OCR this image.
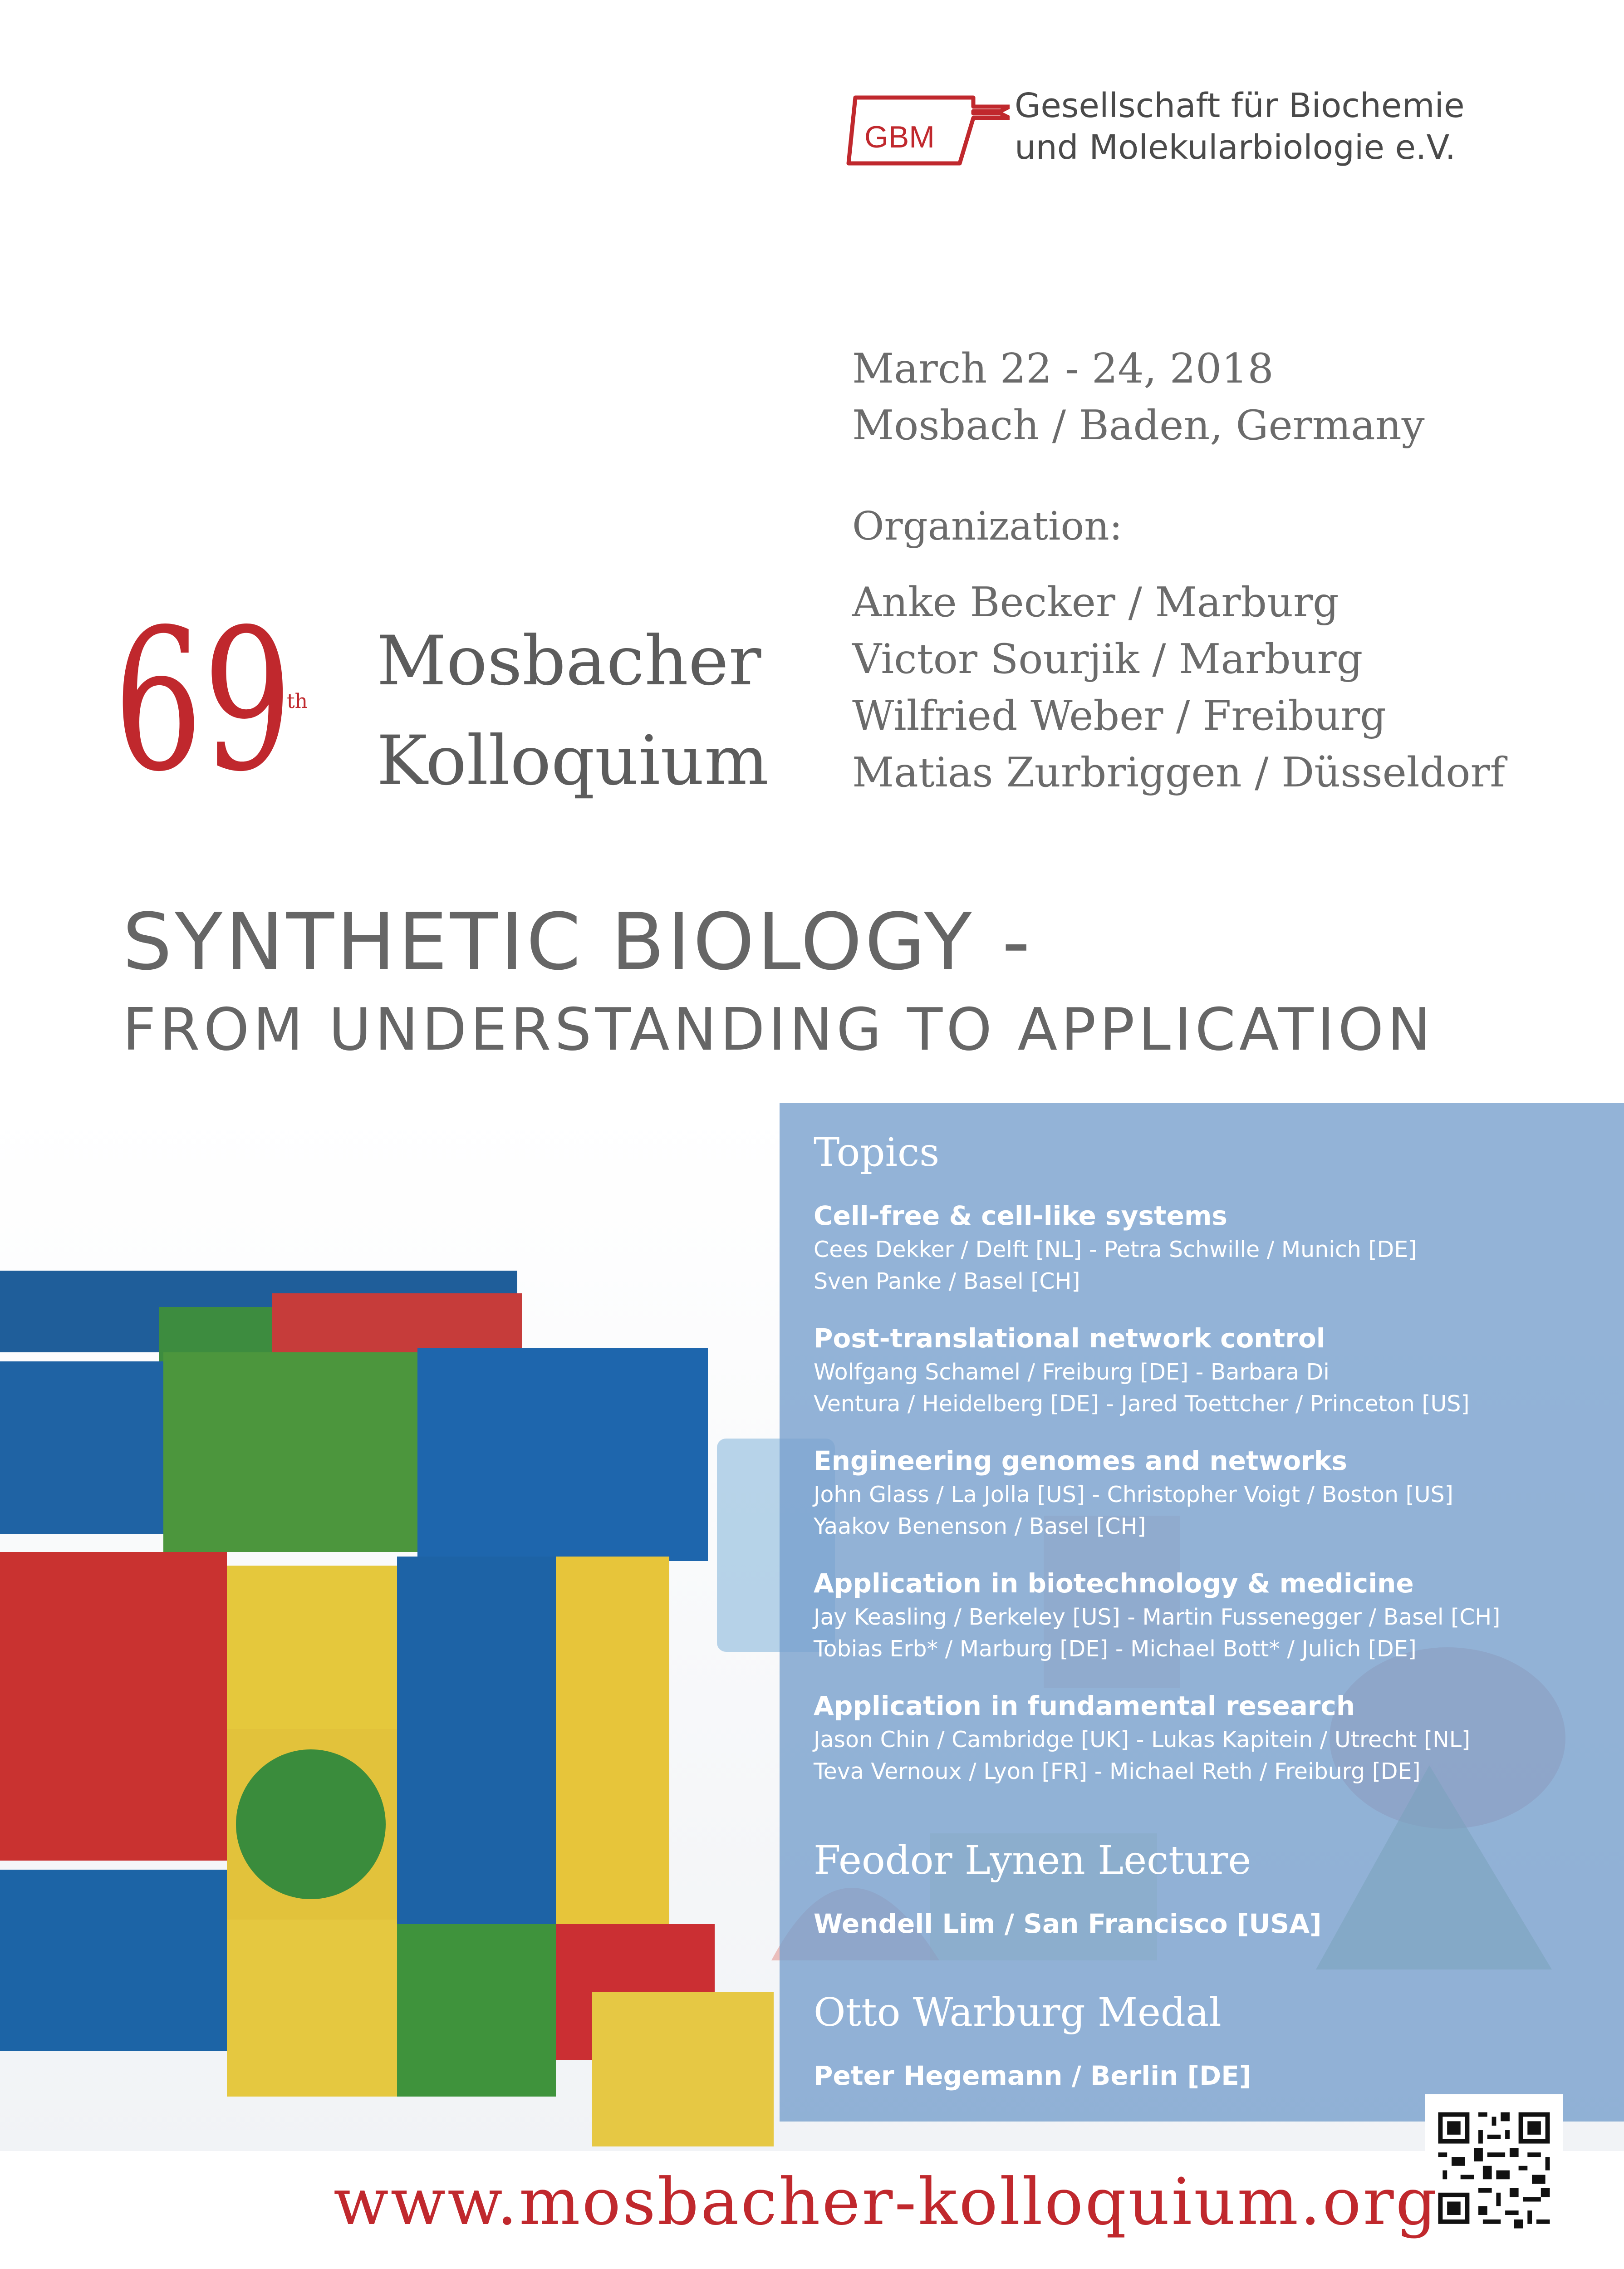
GBM
Gesellschaft für Biochemie
und Molekularbiologie e.V.
March 22 - 24, 2018
Mosbach / Baden, Germany
Organization:
Anke Becker / Marburg
Victor Sourjik / Marburg
Wilfried Weber / Freiburg
Matias Zurbriggen / Düsseldorf
69
th
Mosbacher
Kolloquium
SYNTHETIC BIOLOGY -
FROM UNDERSTANDING TO APPLICATION
Topics
Cell-free & cell-like systems
Cees Dekker / Delft [NL] - Petra Schwille / Munich [DE]
Sven Panke / Basel [CH]
Post-translational network control
Wolfgang Schamel / Freiburg [DE] - Barbara Di
Ventura / Heidelberg [DE] - Jared Toettcher / Princeton [US]
Engineering genomes and networks
John Glass / La Jolla [US] - Christopher Voigt / Boston [US]
Yaakov Benenson / Basel [CH]
Application in biotechnology & medicine
Jay Keasling / Berkeley [US] - Martin Fussenegger / Basel [CH]
Tobias Erb* / Marburg [DE] - Michael Bott* / Julich [DE]
Application in fundamental research
Jason Chin / Cambridge [UK] - Lukas Kapitein / Utrecht [NL]
Teva Vernoux / Lyon [FR] - Michael Reth / Freiburg [DE]
Feodor Lynen Lecture
Wendell Lim / San Francisco [USA]
Otto Warburg Medal
Peter Hegemann / Berlin [DE]
www.mosbacher-kolloquium.org
